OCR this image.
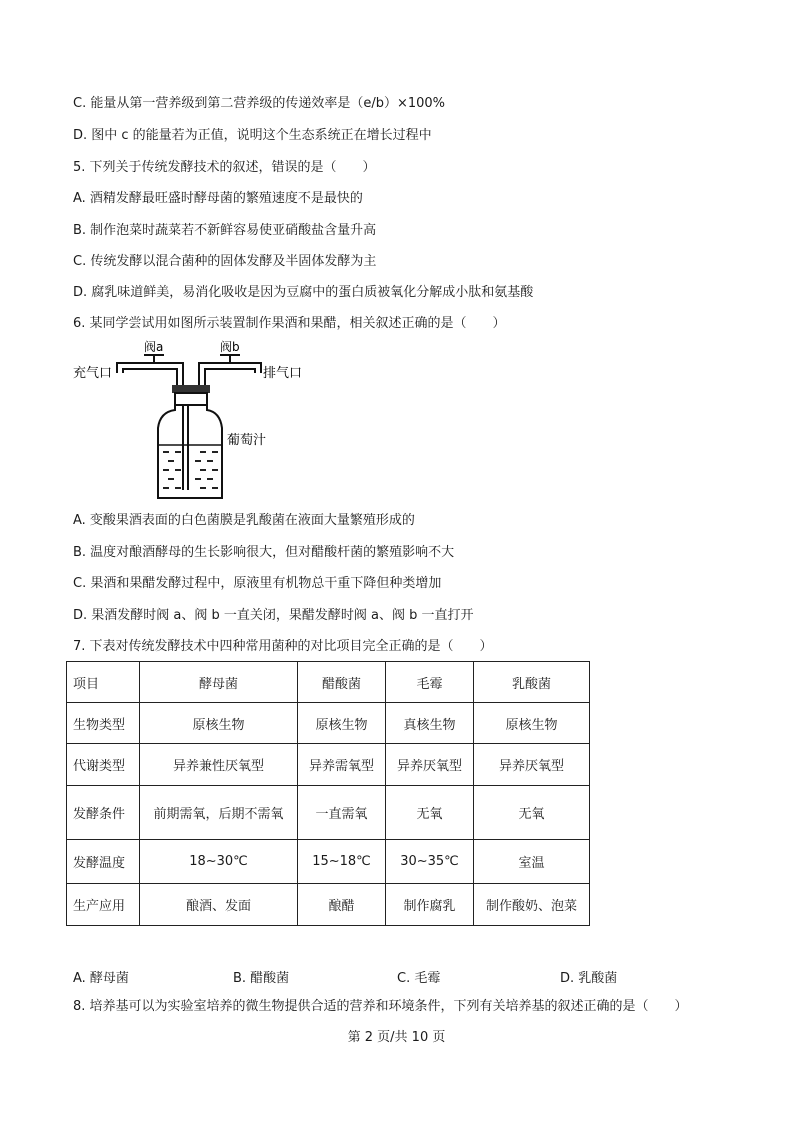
C. 能量从第一营养级到第二营养级的传递效率是（e/b）×100%
D. 图中 c 的能量若为正值，说明这个生态系统正在增长过程中
5. 下列关于传统发酵技术的叙述，错误的是（　　）
A. 酒精发酵最旺盛时酵母菌的繁殖速度不是最快的
B. 制作泡菜时蔬菜若不新鲜容易使亚硝酸盐含量升高
C. 传统发酵以混合菌种的固体发酵及半固体发酵为主
D. 腐乳味道鲜美，易消化吸收是因为豆腐中的蛋白质被氧化分解成小肽和氨基酸
6. 某同学尝试用如图所示装置制作果酒和果醋，相关叙述正确的是（　　）
阀a	阀b
充气口	排气口
葡萄汁
A. 变酸果酒表面的白色菌膜是乳酸菌在液面大量繁殖形成的
B. 温度对酿酒酵母的生长影响很大，但对醋酸杆菌的繁殖影响不大
C. 果酒和果醋发酵过程中，原液里有机物总干重下降但种类增加
D. 果酒发酵时阀 a、阀 b 一直关闭，果醋发酵时阀 a、阀 b 一直打开
7. 下表对传统发酵技术中四种常用菌种的对比项目完全正确的是（　　）
项目	酵母菌	醋酸菌	毛霉	乳酸菌
生物类型	原核生物	原核生物	真核生物	原核生物
代谢类型	异养兼性厌氧型	异养需氧型	异养厌氧型	异养厌氧型
发酵条件	前期需氧，后期不需氧	一直需氧	无氧	无氧
发酵温度	18~30℃	15~18℃	30~35℃	室温
生产应用	酿酒、发面	酿醋	制作腐乳	制作酸奶、泡菜
A. 酵母菌	B. 醋酸菌	C. 毛霉	D. 乳酸菌
8. 培养基可以为实验室培养的微生物提供合适的营养和环境条件，下列有关培养基的叙述正确的是（　　）
第 2 页/共 10 页
